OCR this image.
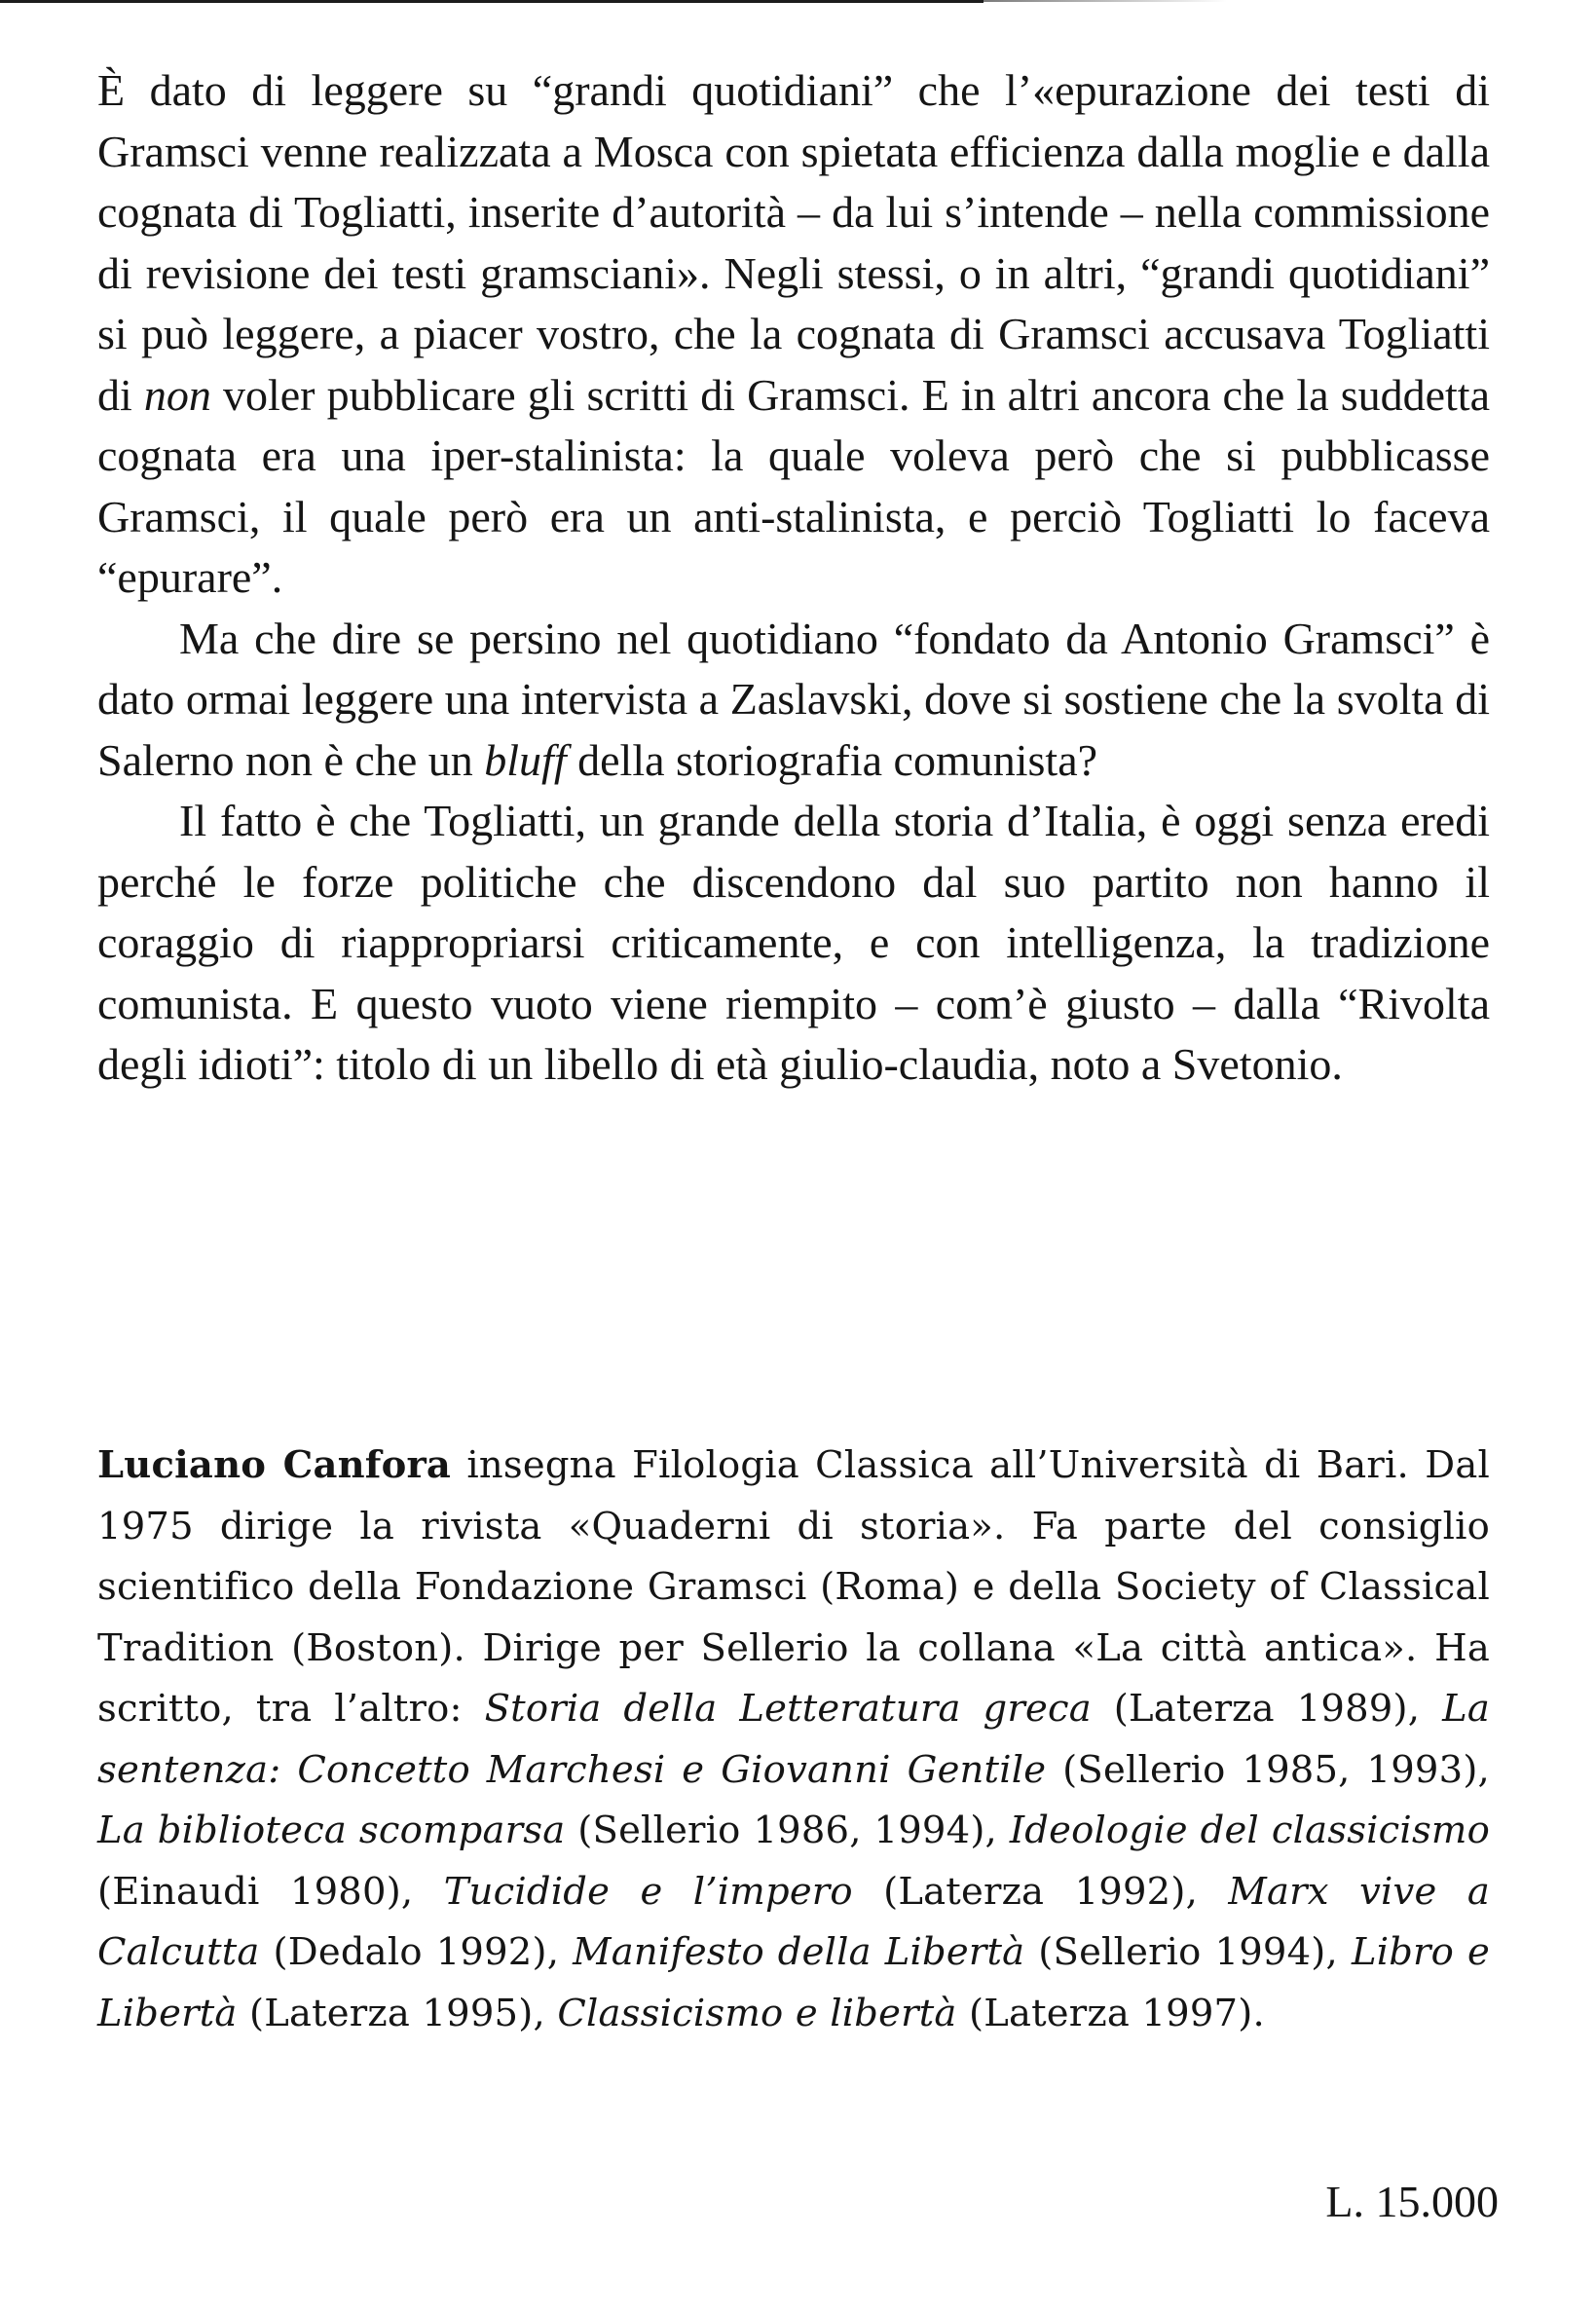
È dato di leggere su “grandi quotidiani” che l’«epurazione dei testi di Gramsci venne realizzata a Mosca con spietata efficienza dalla moglie e dalla cognata di Togliatti, inserite d’autorità – da lui s’intende – nella commissione di revisione dei testi gramsciani». Negli stessi, o in altri, “grandi quotidiani” si può leggere, a piacer vostro, che la cognata di Gramsci accusava Togliatti di non voler pubblicare gli scritti di Gramsci. E in altri ancora che la suddetta cognata era una iper-stalinista: la quale voleva però che si pubblicasse Gramsci, il quale però era un anti-stalinista, e perciò Togliatti lo faceva “epurare”.

Ma che dire se persino nel quotidiano “fondato da Antonio Gramsci” è dato ormai leggere una intervista a Zaslavski, dove si sostiene che la svolta di Salerno non è che un bluff della storiografia comunista?

Il fatto è che Togliatti, un grande della storia d’Italia, è oggi senza eredi perché le forze politiche che discendono dal suo partito non hanno il coraggio di riappropriarsi criticamente, e con intelligenza, la tradizione comunista. E questo vuoto viene riempito – com’è giusto – dalla “Rivolta degli idioti”: titolo di un libello di età giulio-claudia, noto a Svetonio.

Luciano Canfora insegna Filologia Classica all’Università di Bari. Dal 1975 dirige la rivista «Quaderni di storia». Fa parte del consiglio scientifico della Fondazione Gramsci (Roma) e della Society of Classical Tradition (Boston). Dirige per Sellerio la collana «La città antica». Ha scritto, tra l’altro: Storia della Letteratura greca (Laterza 1989), La sentenza: Concetto Marchesi e Giovanni Gentile (Sellerio 1985, 1993), La biblioteca scomparsa (Sellerio 1986, 1994), Ideologie del classicismo (Einaudi 1980), Tucidide e l’impero (Laterza 1992), Marx vive a Calcutta (Dedalo 1992), Manifesto della Libertà (Sellerio 1994), Libro e Libertà (Laterza 1995), Classicismo e libertà (Laterza 1997).

L. 15.000
